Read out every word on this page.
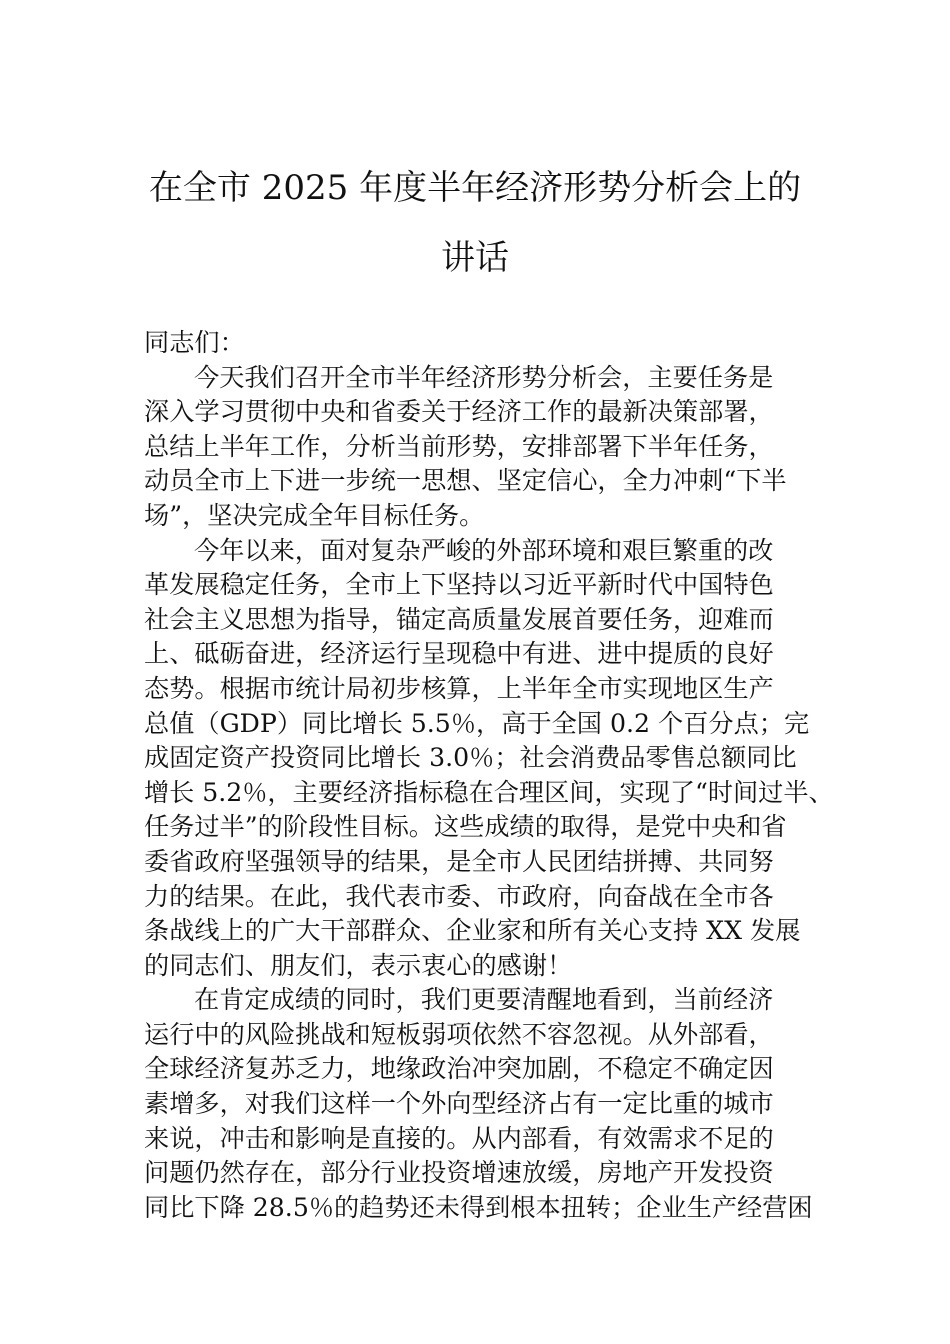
在全市 2025 年度半年经济形势分析会上的
讲话
同志们：
今天我们召开全市半年经济形势分析会，主要任务是
深入学习贯彻中央和省委关于经济工作的最新决策部署，
总结上半年工作，分析当前形势，安排部署下半年任务，
动员全市上下进一步统一思想、坚定信心，全力冲刺“下半
场”，坚决完成全年目标任务。
今年以来，面对复杂严峻的外部环境和艰巨繁重的改
革发展稳定任务，全市上下坚持以习近平新时代中国特色
社会主义思想为指导，锚定高质量发展首要任务，迎难而
上、砥砺奋进，经济运行呈现稳中有进、进中提质的良好
态势。根据市统计局初步核算，上半年全市实现地区生产
总值（GDP）同比增长 5.5％，高于全国 0.2 个百分点；完
成固定资产投资同比增长 3.0％；社会消费品零售总额同比
增长 5.2％，主要经济指标稳在合理区间，实现了“时间过半、
任务过半”的阶段性目标。这些成绩的取得，是党中央和省
委省政府坚强领导的结果，是全市人民团结拼搏、共同努
力的结果。在此，我代表市委、市政府，向奋战在全市各
条战线上的广大干部群众、企业家和所有关心支持 XX 发展
的同志们、朋友们，表示衷心的感谢！
在肯定成绩的同时，我们更要清醒地看到，当前经济
运行中的风险挑战和短板弱项依然不容忽视。从外部看，
全球经济复苏乏力，地缘政治冲突加剧，不稳定不确定因
素增多，对我们这样一个外向型经济占有一定比重的城市
来说，冲击和影响是直接的。从内部看，有效需求不足的
问题仍然存在，部分行业投资增速放缓，房地产开发投资
同比下降 28.5％的趋势还未得到根本扭转；企业生产经营困
